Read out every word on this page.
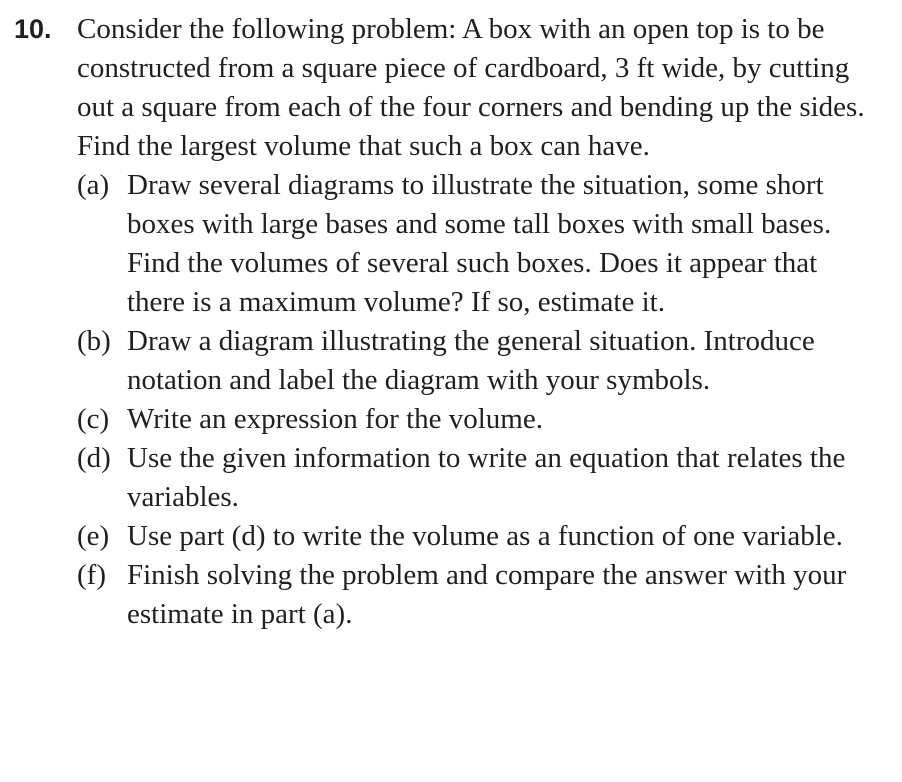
10. Consider the following problem: A box with an open top is to be constructed from a square piece of cardboard, 3 ft wide, by cutting out a square from each of the four corners and bending up the sides. Find the largest volume that such a box can have.
(a) Draw several diagrams to illustrate the situation, some short boxes with large bases and some tall boxes with small bases. Find the volumes of several such boxes. Does it appear that there is a maximum volume? If so, estimate it.
(b) Draw a diagram illustrating the general situation. Introduce notation and label the diagram with your symbols.
(c) Write an expression for the volume.
(d) Use the given information to write an equation that relates the variables.
(e) Use part (d) to write the volume as a function of one variable.
(f) Finish solving the problem and compare the answer with your estimate in part (a).
